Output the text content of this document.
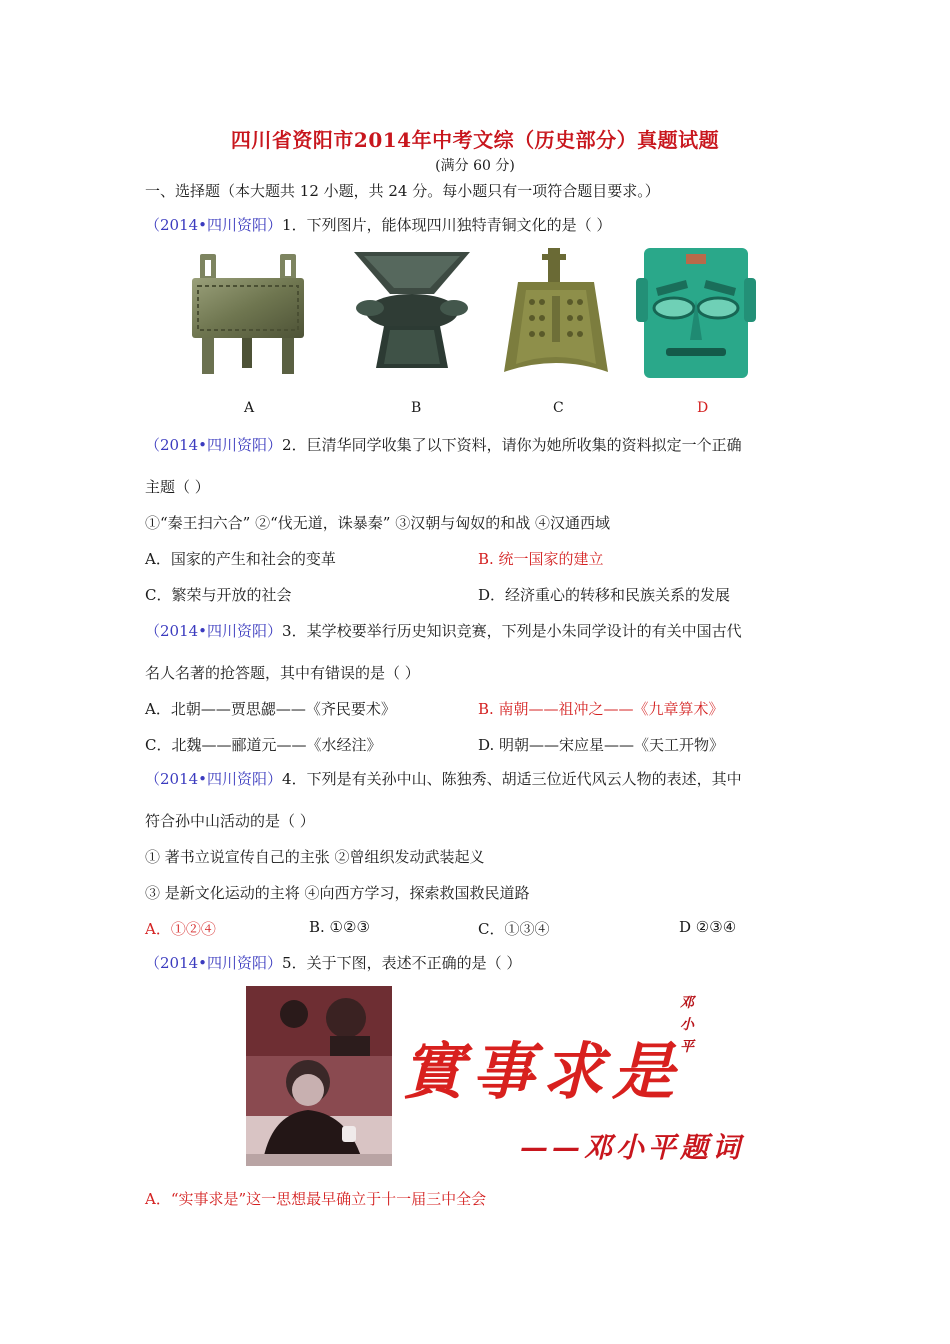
四川省资阳市2014年中考文综（历史部分）真题试题
(满分 60 分)
一、选择题（本大题共 12 小题，共 24 分。每小题只有一项符合题目要求。）
（2014•四川资阳）1．下列图片，能体现四川独特青铜文化的是（ ）
A	B	C	D
（2014•四川资阳）2．巨清华同学收集了以下资料，请你为她所收集的资料拟定一个正确
主题（ ）
①“秦王扫六合” ②“伐无道，诛暴秦” ③汉朝与匈奴的和战 ④汉通西域
A．国家的产生和社会的变革	B. 统一国家的建立
C．繁荣与开放的社会	D．经济重心的转移和民族关系的发展
（2014•四川资阳）3．某学校要举行历史知识竞赛，下列是小朱同学设计的有关中国古代
名人名著的抢答题，其中有错误的是（ ）
A．北朝——贾思勰——《齐民要术》	B. 南朝——祖冲之——《九章算术》
C．北魏——郦道元——《水经注》	D. 明朝——宋应星——《天工开物》
（2014•四川资阳）4．下列是有关孙中山、陈独秀、胡适三位近代风云人物的表述，其中
符合孙中山活动的是（ ）
① 著书立说宣传自己的主张 ②曾组织发动武装起义
③ 是新文化运动的主将 ④向西方学习，探索救国救民道路
A．①②④	B. ①②③	C．①③④	D ②③④
（2014•四川资阳）5．关于下图，表述不正确的是（ ）
實事求是
邓小平
——邓小平题词
A．“实事求是”这一思想最早确立于十一届三中全会
